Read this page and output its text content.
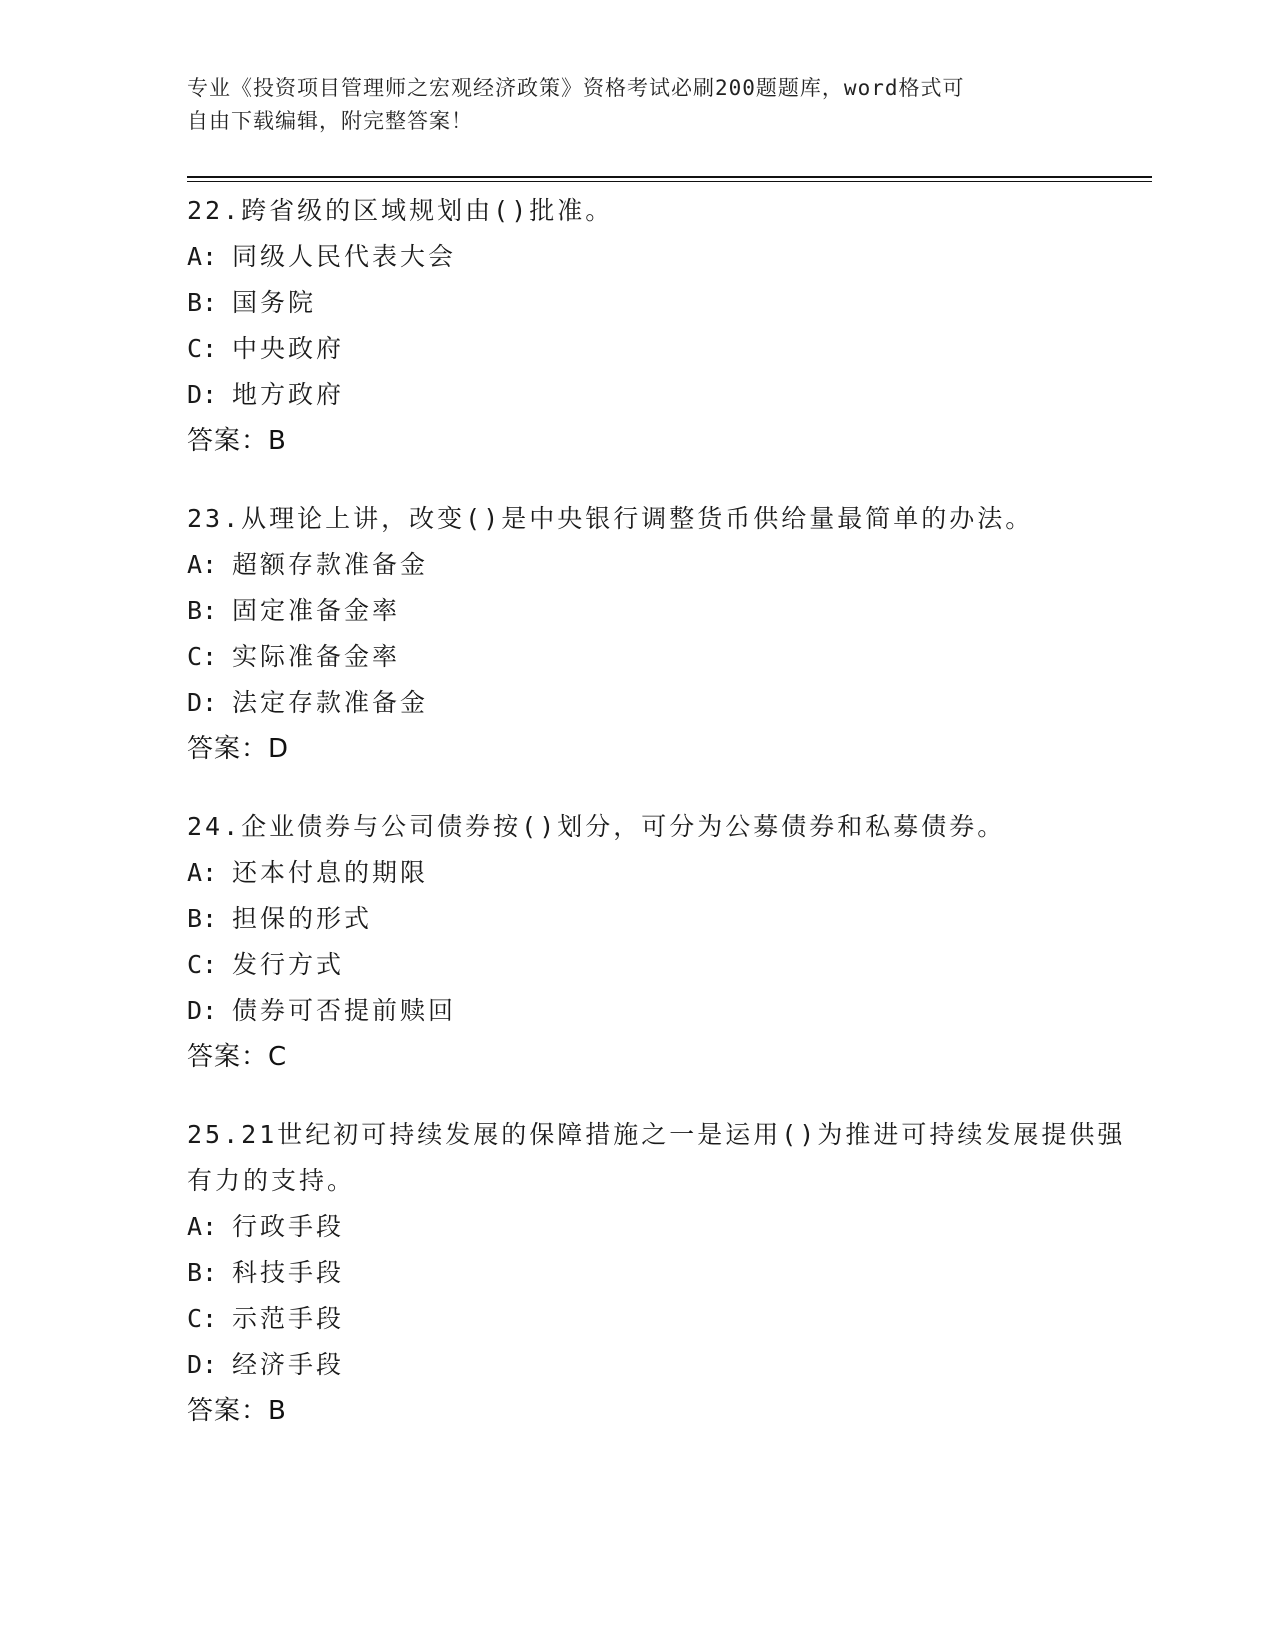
专业《投资项目管理师之宏观经济政策》资格考试必刷200题题库，word格式可
自由下载编辑，附完整答案！

22.跨省级的区域规划由()批准。

A: 同级人民代表大会
B: 国务院
C: 中央政府
D: 地方政府
答案：B

23.从理论上讲，改变()是中央银行调整货币供给量最简单的办法。

A: 超额存款准备金
B: 固定准备金率
C: 实际准备金率
D: 法定存款准备金
答案：D

24.企业债券与公司债券按()划分，可分为公募债券和私募债券。

A: 还本付息的期限
B: 担保的形式
C: 发行方式
D: 债券可否提前赎回
答案：C

25.21世纪初可持续发展的保障措施之一是运用()为推进可持续发展提供强有力的支持。

A: 行政手段
B: 科技手段
C: 示范手段
D: 经济手段
答案：B
